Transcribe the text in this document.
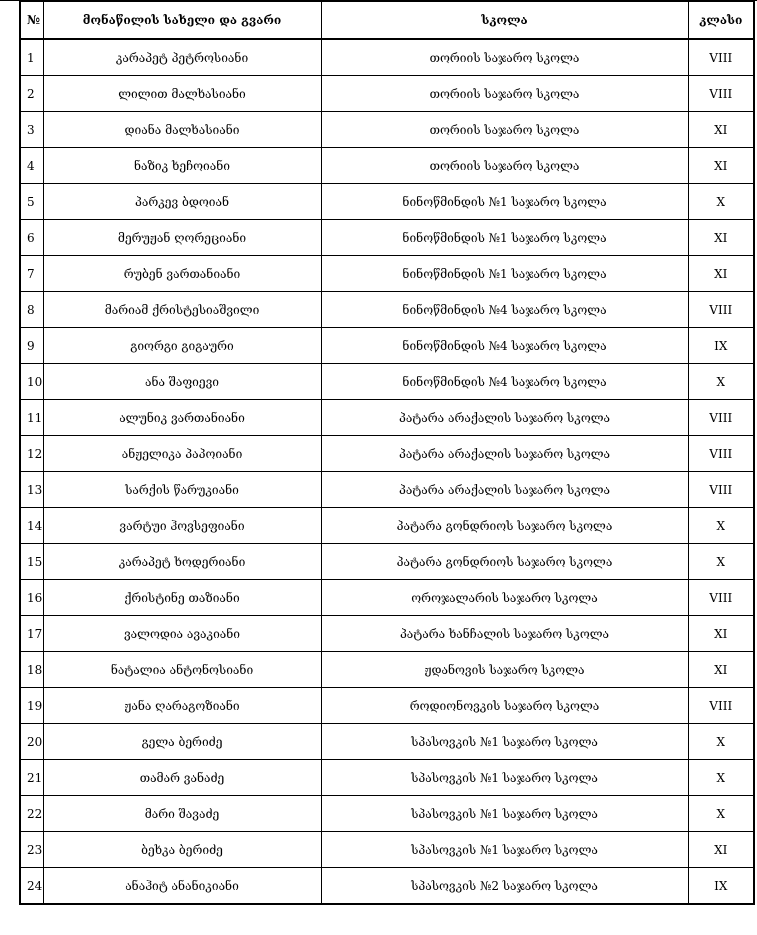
№	მონაწილის სახელი და გვარი	სკოლა	კლასი
1	კარაპეტ პეტროსიანი	თორიის საჯარო სკოლა	VIII
2	ლილით მალხასიანი	თორიის საჯარო სკოლა	VIII
3	დიანა მალხასიანი	თორიის საჯარო სკოლა	XI
4	ნაზიკ ხეჩოიანი	თორიის საჯარო სკოლა	XI
5	პარკევ ბდოიან	ნინოწმინდის №1 საჯარო სკოლა	X
6	მერუჟან ღორეციანი	ნინოწმინდის №1 საჯარო სკოლა	XI
7	რუბენ ვართანიანი	ნინოწმინდის №1 საჯარო სკოლა	XI
8	მარიამ ქრისტესიაშვილი	ნინოწმინდის №4 საჯარო სკოლა	VIII
9	გიორგი გიგაური	ნინოწმინდის №4 საჯარო სკოლა	IX
10	ანა შაფიევი	ნინოწმინდის №4 საჯარო სკოლა	X
11	ალუნიკ ვართანიანი	პატარა არაქალის საჯარო სკოლა	VIII
12	ანჟელიკა პაპოიანი	პატარა არაქალის საჯარო სკოლა	VIII
13	სარქის წარუკიანი	პატარა არაქალის საჯარო სკოლა	VIII
14	ვარტუი ჰოვსეფიანი	პატარა გონდრიოს საჯარო სკოლა	X
15	კარაპეტ ხოდერიანი	პატარა გონდრიოს საჯარო სკოლა	X
16	ქრისტინე თაზიანი	ოროჯალარის საჯარო სკოლა	VIII
17	ვალოდია ავაკიანი	პატარა ხანჩალის საჯარო სკოლა	XI
18	ნატალია ანტონოსიანი	ჟდანოვის საჯარო სკოლა	XI
19	ჟანა ღარაგოზიანი	როდიონოვკის საჯარო სკოლა	VIII
20	გელა ბერიძე	სპასოვკის №1 საჯარო სკოლა	X
21	თამარ ვანაძე	სპასოვკის №1 საჯარო სკოლა	X
22	მარი შავაძე	სპასოვკის №1 საჯარო სკოლა	X
23	ბეხკა ბერიძე	სპასოვკის №1 საჯარო სკოლა	XI
24	ანაჰიტ ანანიკიანი	სპასოვკის №2 საჯარო სკოლა	IX
